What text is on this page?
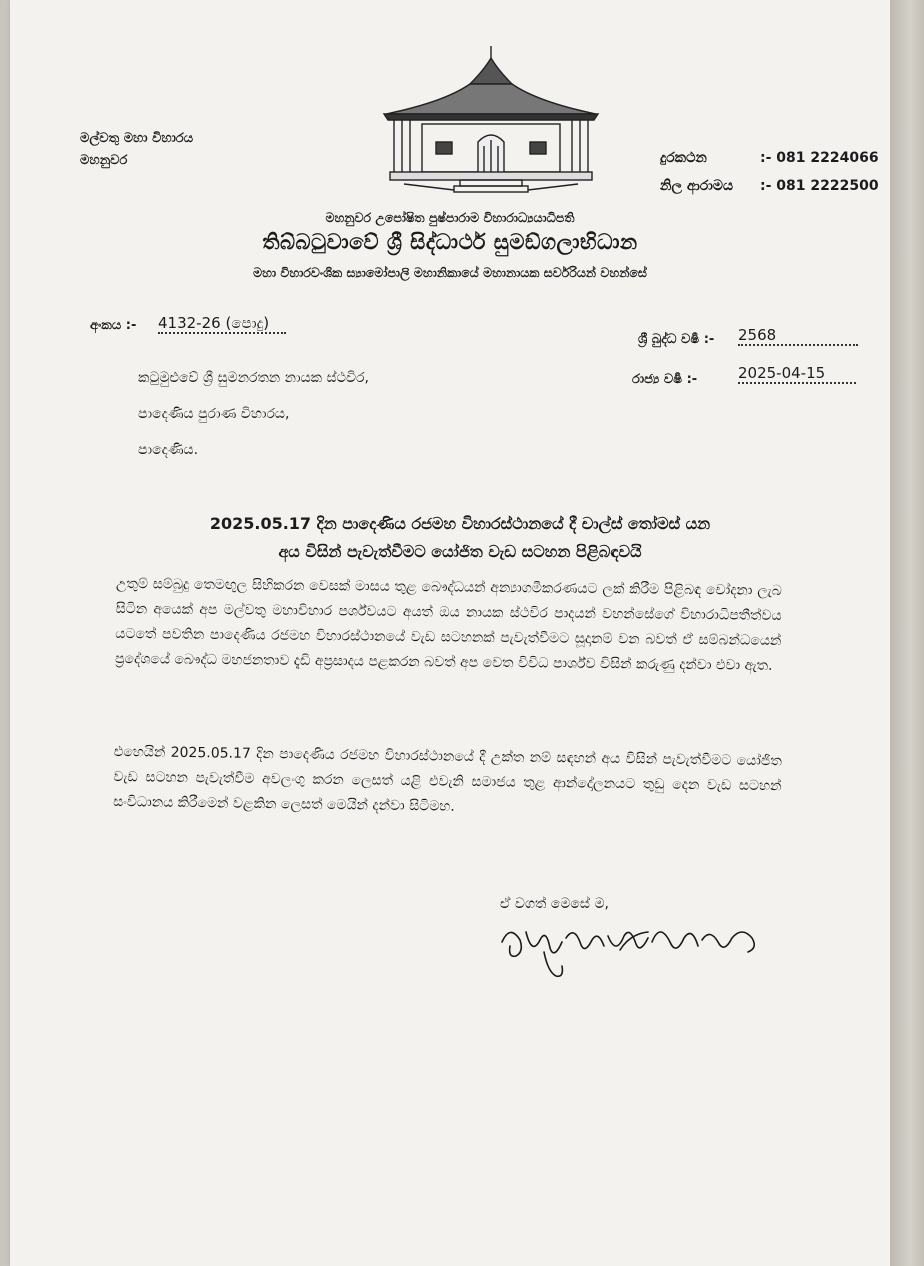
මල්වතු මහා විහාරය
මහනුවර	දුරකථන	:- 081 2224066
නිල ආරාමය :- 081 2222500
මහනුවර උපෝෂිත පුෂ්පාරාම විහාරාධ්‍යයාධිපති
තිබ්බටුවාවේ ශ්‍රී සිද්ධාර්ථ සුමඞ්ගලාභිධාන
මහා විහාරවංශික ස්‍යාමෝපාලි මහානිකායේ මහානායක සර්වරියන් වහන්සේ
අංකය :- 4132-26 (පොදු)
ශ්‍රී බුද්ධ වර්‍ෂ :- 2568
රාජ්‍ය වර්‍ෂ :-	2025-04-15
කටුමුළුවේ ශ්‍රී සුමනරතන නායක ස්ථවිර,
පාදෙණිය පුරාණ විහාරය,
පාදෙණිය.
2025.05.17 දින පාදෙණිය රජමහ විහාරස්ථානයේ දී චාල්ස් තෝමස් යන
අය විසින් පැවැත්වීමට යෝජිත වැඩ සටහන පිළිබඳවයි
උතුම් සම්බුදු තෙමඟුල සිහිකරන වෙසක් මාසය තුළ බෞද්ධයන් අන්‍යාගමීකරණයට ලක් කිරීම පිළිබඳ චෝදනා ලැබ සිටින අයෙක් අප මල්වතු මහාවිහාර පර්ශ්වයට අයත් ඔය නායක ස්ථවිර පාදයන් වහන්සේගේ විහාරාධිපතීත්වය යටතේ පවතින පාදෙණිය රජමහ විහාරස්ථානයේ වැඩ සටහනක් පැවැත්වීමට සූදානම් වන බවත් ඒ සම්බන්ධයෙන් ප්‍රදේශයේ බෞද්ධ මහජනතාව දැඩි අප්‍රසාදය පළකරන බවත් අප වෙත විවිධ පාර්ශ්ව විසින් කරුණු දන්වා එවා ඇත.
එහෙයින් 2025.05.17 දින පාදෙණිය රජමහ විහාරස්ථානයේ දී උක්ත නම් සඳහන් අය විසින් පැවැත්වීමට යෝජිත වැඩ සටහන පැවැත්වීම අවලංගු කරන ලෙසත් යළි එවැනි සමාජය තුළ ආන්දෝලනයට තුඩු දෙන වැඩ සටහන් සංවිධානය කිරීමෙන් වළකින ලෙසත් මෙයින් දන්වා සිටිමහ.
ඒ වගත් මෙසේ ම,
